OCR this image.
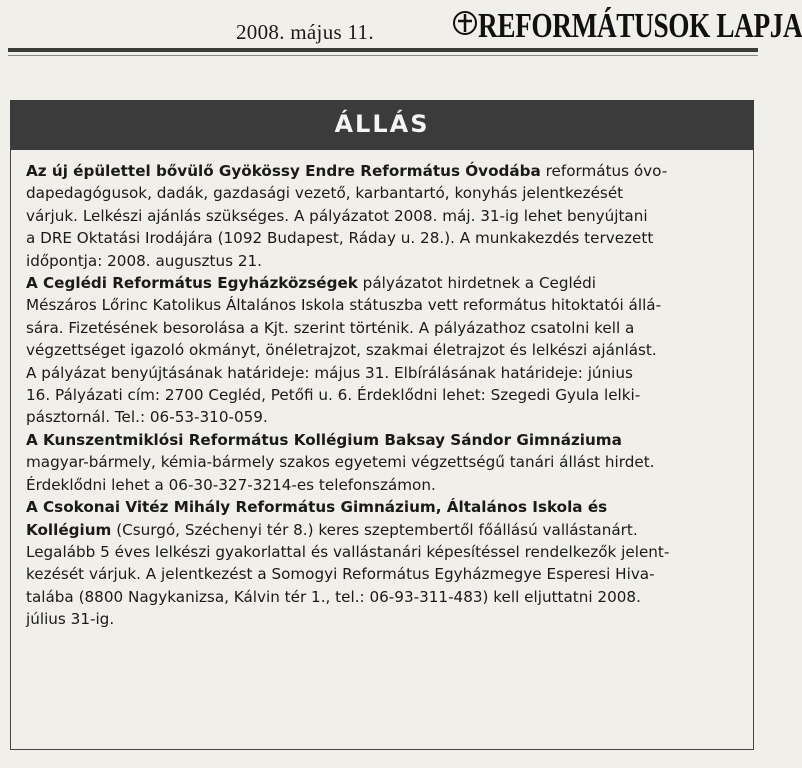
2008. május 11.	REFORMÁTUSOK LAPJA
ÁLLÁS
Az új épülettel bővülő Gyökössy Endre Református Óvodába református óvo-
dapedagógusok, dadák, gazdasági vezető, karbantartó, konyhás jelentkezését
várjuk. Lelkészi ajánlás szükséges. A pályázatot 2008. máj. 31-ig lehet benyújtani
a DRE Oktatási Irodájára (1092 Budapest, Ráday u. 28.). A munkakezdés tervezett
időpontja: 2008. augusztus 21.
A Ceglédi Református Egyházközségek pályázatot hirdetnek a Ceglédi
Mészáros Lőrinc Katolikus Általános Iskola státuszba vett református hitoktatói állá-
sára. Fizetésének besorolása a Kjt. szerint történik. A pályázathoz csatolni kell a
végzettséget igazoló okmányt, önéletrajzot, szakmai életrajzot és lelkészi ajánlást.
A pályázat benyújtásának határideje: május 31. Elbírálásának határideje: június
16. Pályázati cím: 2700 Cegléd, Petőfi u. 6. Érdeklődni lehet: Szegedi Gyula lelki-
pásztornál. Tel.: 06-53-310-059.
A Kunszentmiklósi Református Kollégium Baksay Sándor Gimnáziuma
magyar-bármely, kémia-bármely szakos egyetemi végzettségű tanári állást hirdet.
Érdeklődni lehet a 06-30-327-3214-es telefonszámon.
A Csokonai Vitéz Mihály Református Gimnázium, Általános Iskola és
Kollégium (Csurgó, Széchenyi tér 8.) keres szeptembertől főállású vallástanárt.
Legalább 5 éves lelkészi gyakorlattal és vallástanári képesítéssel rendelkezők jelent-
kezését várjuk. A jelentkezést a Somogyi Református Egyházmegye Esperesi Hiva-
talába (8800 Nagykanizsa, Kálvin tér 1., tel.: 06-93-311-483) kell eljuttatni 2008.
július 31-ig.
